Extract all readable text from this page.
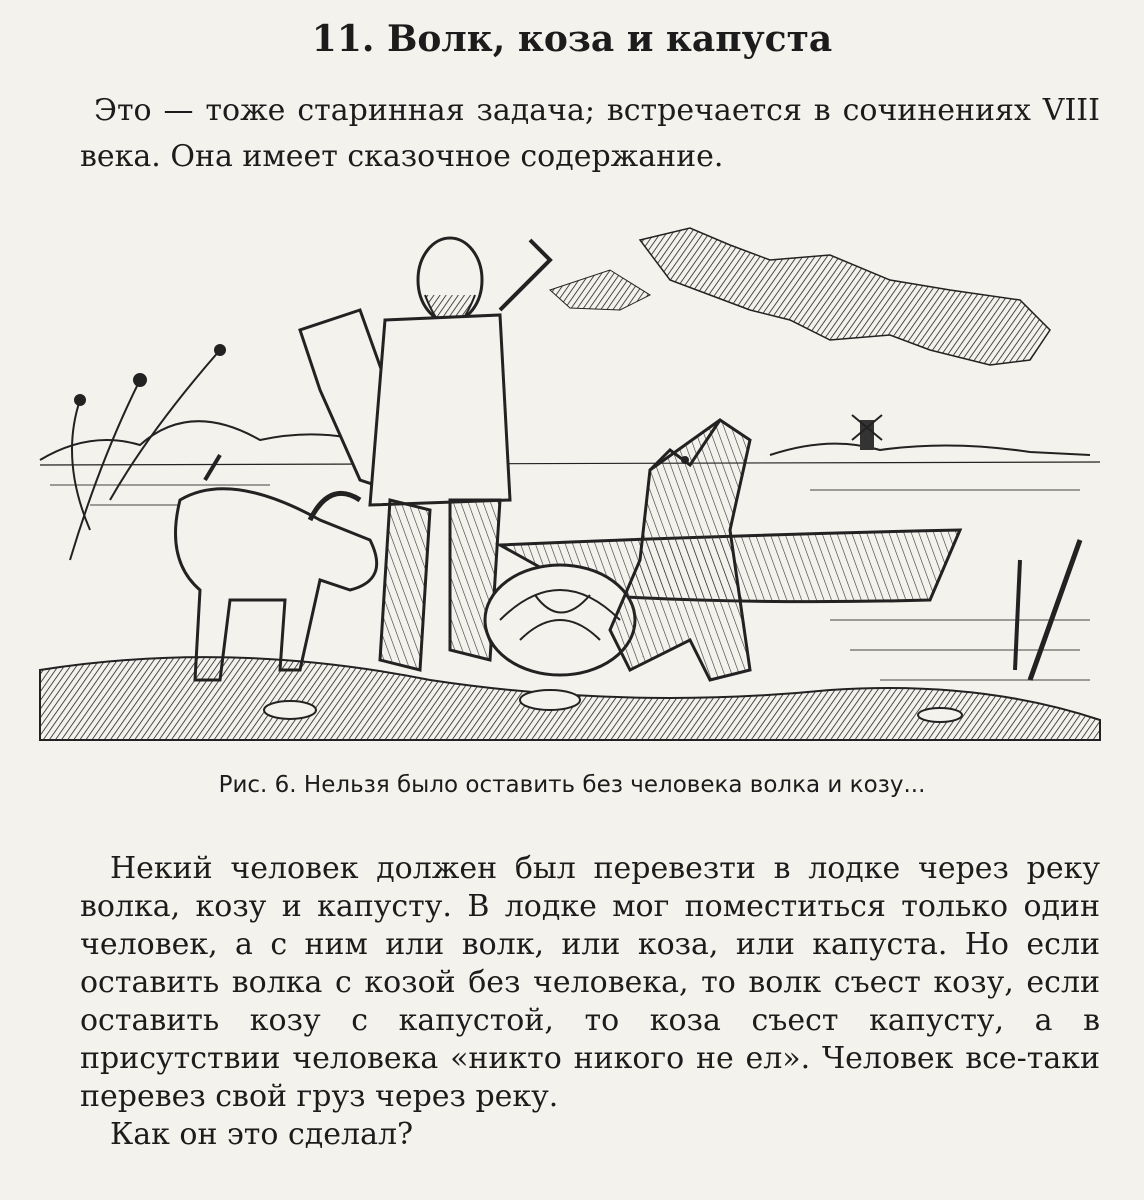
11. Волк, коза и капуста
Это — тоже старинная задача; встречается в сочинениях VIII века. Она имеет сказочное содержание.
Рис. 6. Нельзя было оставить без человека волка и козу...

Некий человек должен был перевезти в лодке через реку волка, козу и капусту. В лодке мог поместиться только один человек, а с ним или волк, или коза, или капуста. Но если оставить волка с козой без человека, то волк съест козу, если оставить козу с капустой, то коза съест капусту, а в присутствии человека «никто никого не ел». Человек все-таки перевез свой груз через реку.

Как он это сделал?
